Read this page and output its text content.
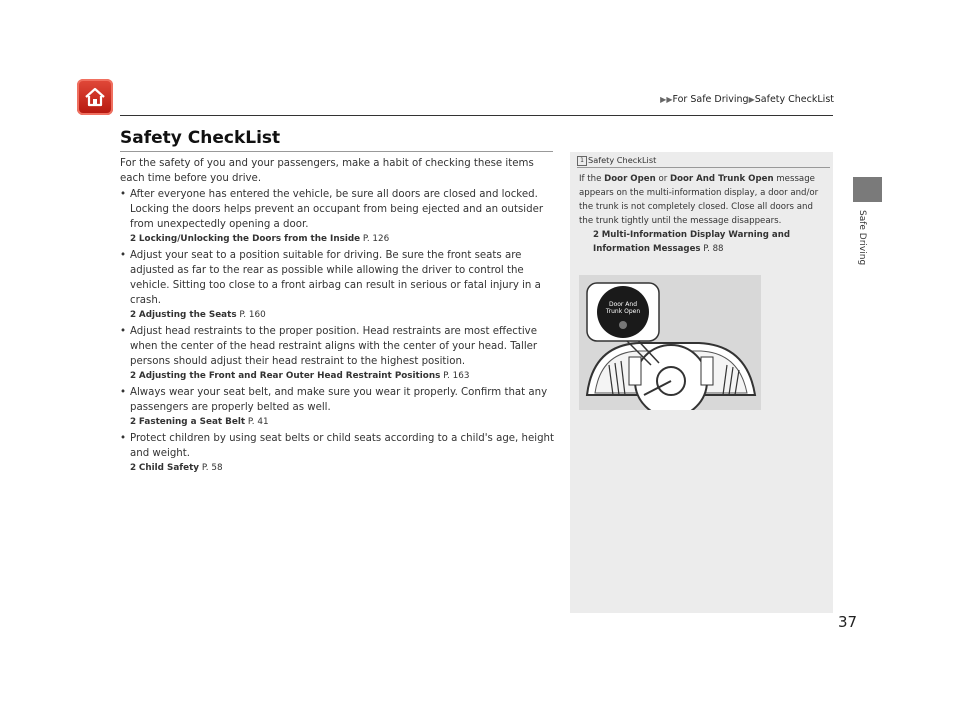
▶▶For Safe Driving▶Safety CheckList
Safety CheckList

For the safety of you and your passengers, make a habit of checking these items each time before you drive.

• After everyone has entered the vehicle, be sure all doors are closed and locked. Locking the doors helps prevent an occupant from being ejected and an outsider from unexpectedly opening a door.
2 Locking/Unlocking the Doors from the Inside P. 126
• Adjust your seat to a position suitable for driving. Be sure the front seats are adjusted as far to the rear as possible while allowing the driver to control the vehicle. Sitting too close to a front airbag can result in serious or fatal injury in a crash.
2 Adjusting the Seats P. 160
• Adjust head restraints to the proper position. Head restraints are most effective when the center of the head restraint aligns with the center of your head. Taller persons should adjust their head restraint to the highest position.
2 Adjusting the Front and Rear Outer Head Restraint Positions P. 163
• Always wear your seat belt, and make sure you wear it properly. Confirm that any passengers are properly belted as well.
2 Fastening a Seat Belt P. 41
• Protect children by using seat belts or child seats according to a child's age, height and weight.
2 Child Safety P. 58
Safe Driving
1 Safety CheckList
If the Door Open or Door And Trunk Open message appears on the multi-information display, a door and/or the trunk is not completely closed. Close all doors and the trunk tightly until the message disappears.
2 Multi-Information Display Warning and Information Messages P. 88
Door And
Trunk Open
37
